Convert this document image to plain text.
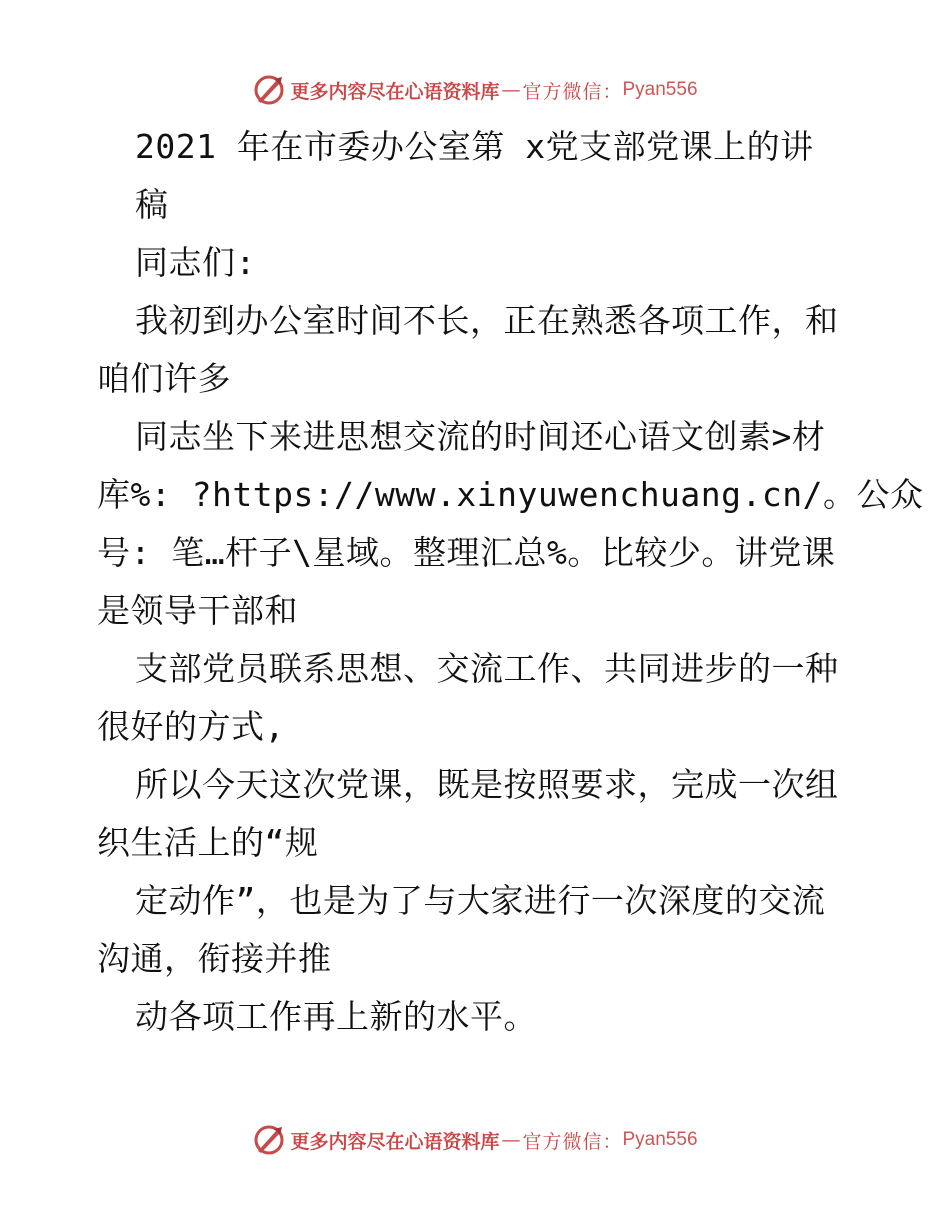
更多内容尽在心语资料库 — 官方微信： Pyan556

2021 年在市委办公室第 x党支部党课上的讲

稿

同志们:

我初到办公室时间不长，正在熟悉各项工作，和

咱们许多

同志坐下来进思想交流的时间还心语文创素>材

库%: ?https://www.xinyuwenchuang.cn/。公众

号: 笔…杆子\星域。整理汇总%。比较少。讲党课

是领导干部和

支部党员联系思想、交流工作、共同进步的一种

很好的方式,

所以今天这次党课，既是按照要求，完成一次组

织生活上的“规

定动作”，也是为了与大家进行一次深度的交流

沟通，衔接并推

动各项工作再上新的水平。

更多内容尽在心语资料库 — 官方微信： Pyan556
